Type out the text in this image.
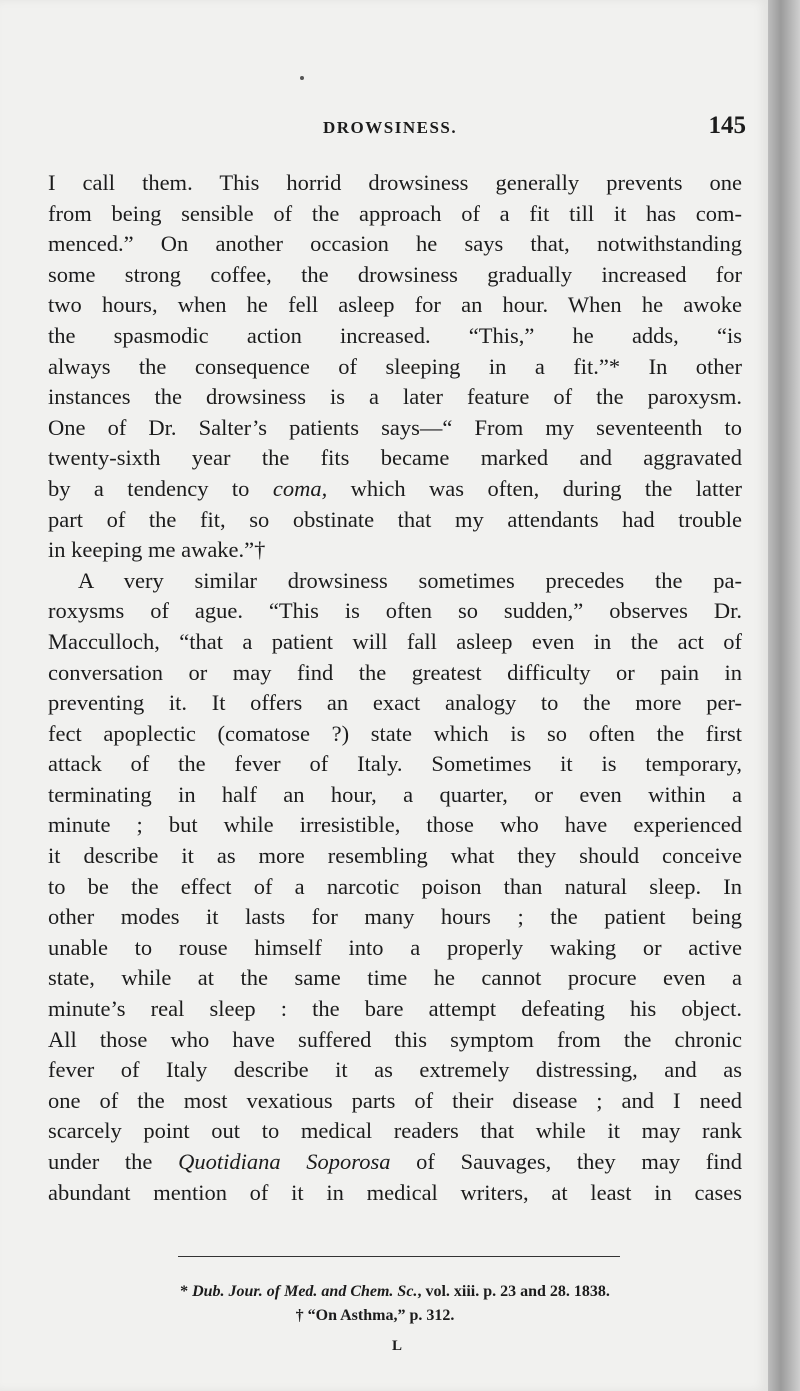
DROWSINESS.	145
I call them. This horrid drowsiness generally prevents one
from being sensible of the approach of a fit till it has com-
menced.” On another occasion he says that, notwithstanding
some strong coffee, the drowsiness gradually increased for
two hours, when he fell asleep for an hour. When he awoke
the spasmodic action increased. “This,” he adds, “is
always the consequence of sleeping in a fit.”* In other
instances the drowsiness is a later feature of the paroxysm.
One of Dr. Salter’s patients says—“ From my seventeenth to
twenty-sixth year the fits became marked and aggravated
by a tendency to coma, which was often, during the latter
part of the fit, so obstinate that my attendants had trouble
in keeping me awake.”†
A very similar drowsiness sometimes precedes the pa-
roxysms of ague. “This is often so sudden,” observes Dr.
Macculloch, “that a patient will fall asleep even in the act of
conversation or may find the greatest difficulty or pain in
preventing it. It offers an exact analogy to the more per-
fect apoplectic (comatose ?) state which is so often the first
attack of the fever of Italy. Sometimes it is temporary,
terminating in half an hour, a quarter, or even within a
minute ; but while irresistible, those who have experienced
it describe it as more resembling what they should conceive
to be the effect of a narcotic poison than natural sleep. In
other modes it lasts for many hours ; the patient being
unable to rouse himself into a properly waking or active
state, while at the same time he cannot procure even a
minute’s real sleep : the bare attempt defeating his object.
All those who have suffered this symptom from the chronic
fever of Italy describe it as extremely distressing, and as
one of the most vexatious parts of their disease ; and I need
scarcely point out to medical readers that while it may rank
under the Quotidiana Soporosa of Sauvages, they may find
abundant mention of it in medical writers, at least in cases
* Dub. Jour. of Med. and Chem. Sc., vol. xiii. p. 23 and 28. 1838.
† “On Asthma,” p. 312.
L
